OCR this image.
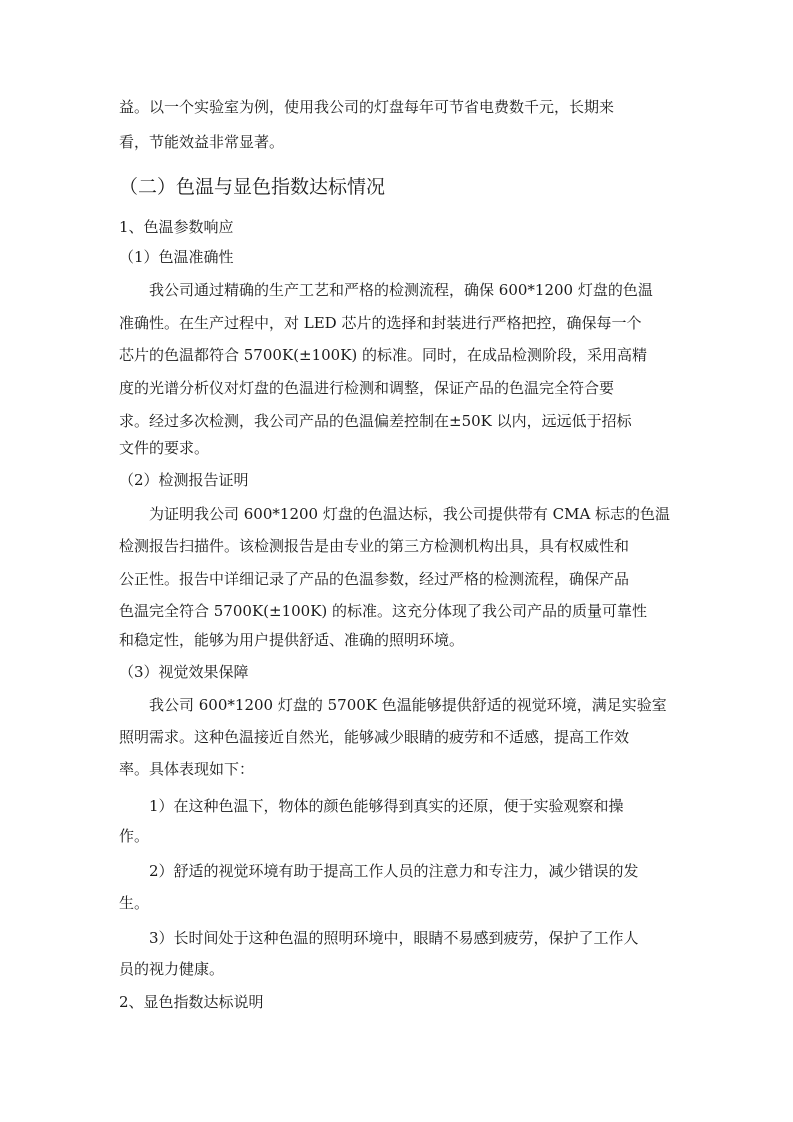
益。以一个实验室为例，使用我公司的灯盘每年可节省电费数千元，长期来
看，节能效益非常显著。
（二）色温与显色指数达标情况
1、色温参数响应
（1）色温准确性
我公司通过精确的生产工艺和严格的检测流程，确保 600*1200 灯盘的色温
准确性。在生产过程中，对 LED 芯片的选择和封装进行严格把控，确保每一个
芯片的色温都符合 5700K(±100K) 的标准。同时，在成品检测阶段，采用高精
度的光谱分析仪对灯盘的色温进行检测和调整，保证产品的色温完全符合要
求。经过多次检测，我公司产品的色温偏差控制在±50K 以内，远远低于招标
文件的要求。
（2）检测报告证明
为证明我公司 600*1200 灯盘的色温达标，我公司提供带有 CMA 标志的色温
检测报告扫描件。该检测报告是由专业的第三方检测机构出具，具有权威性和
公正性。报告中详细记录了产品的色温参数，经过严格的检测流程，确保产品
色温完全符合 5700K(±100K) 的标准。这充分体现了我公司产品的质量可靠性
和稳定性，能够为用户提供舒适、准确的照明环境。
（3）视觉效果保障
我公司 600*1200 灯盘的 5700K 色温能够提供舒适的视觉环境，满足实验室
照明需求。这种色温接近自然光，能够减少眼睛的疲劳和不适感，提高工作效
率。具体表现如下：
1）在这种色温下，物体的颜色能够得到真实的还原，便于实验观察和操
作。
2）舒适的视觉环境有助于提高工作人员的注意力和专注力，减少错误的发
生。
3）长时间处于这种色温的照明环境中，眼睛不易感到疲劳，保护了工作人
员的视力健康。
2、显色指数达标说明
